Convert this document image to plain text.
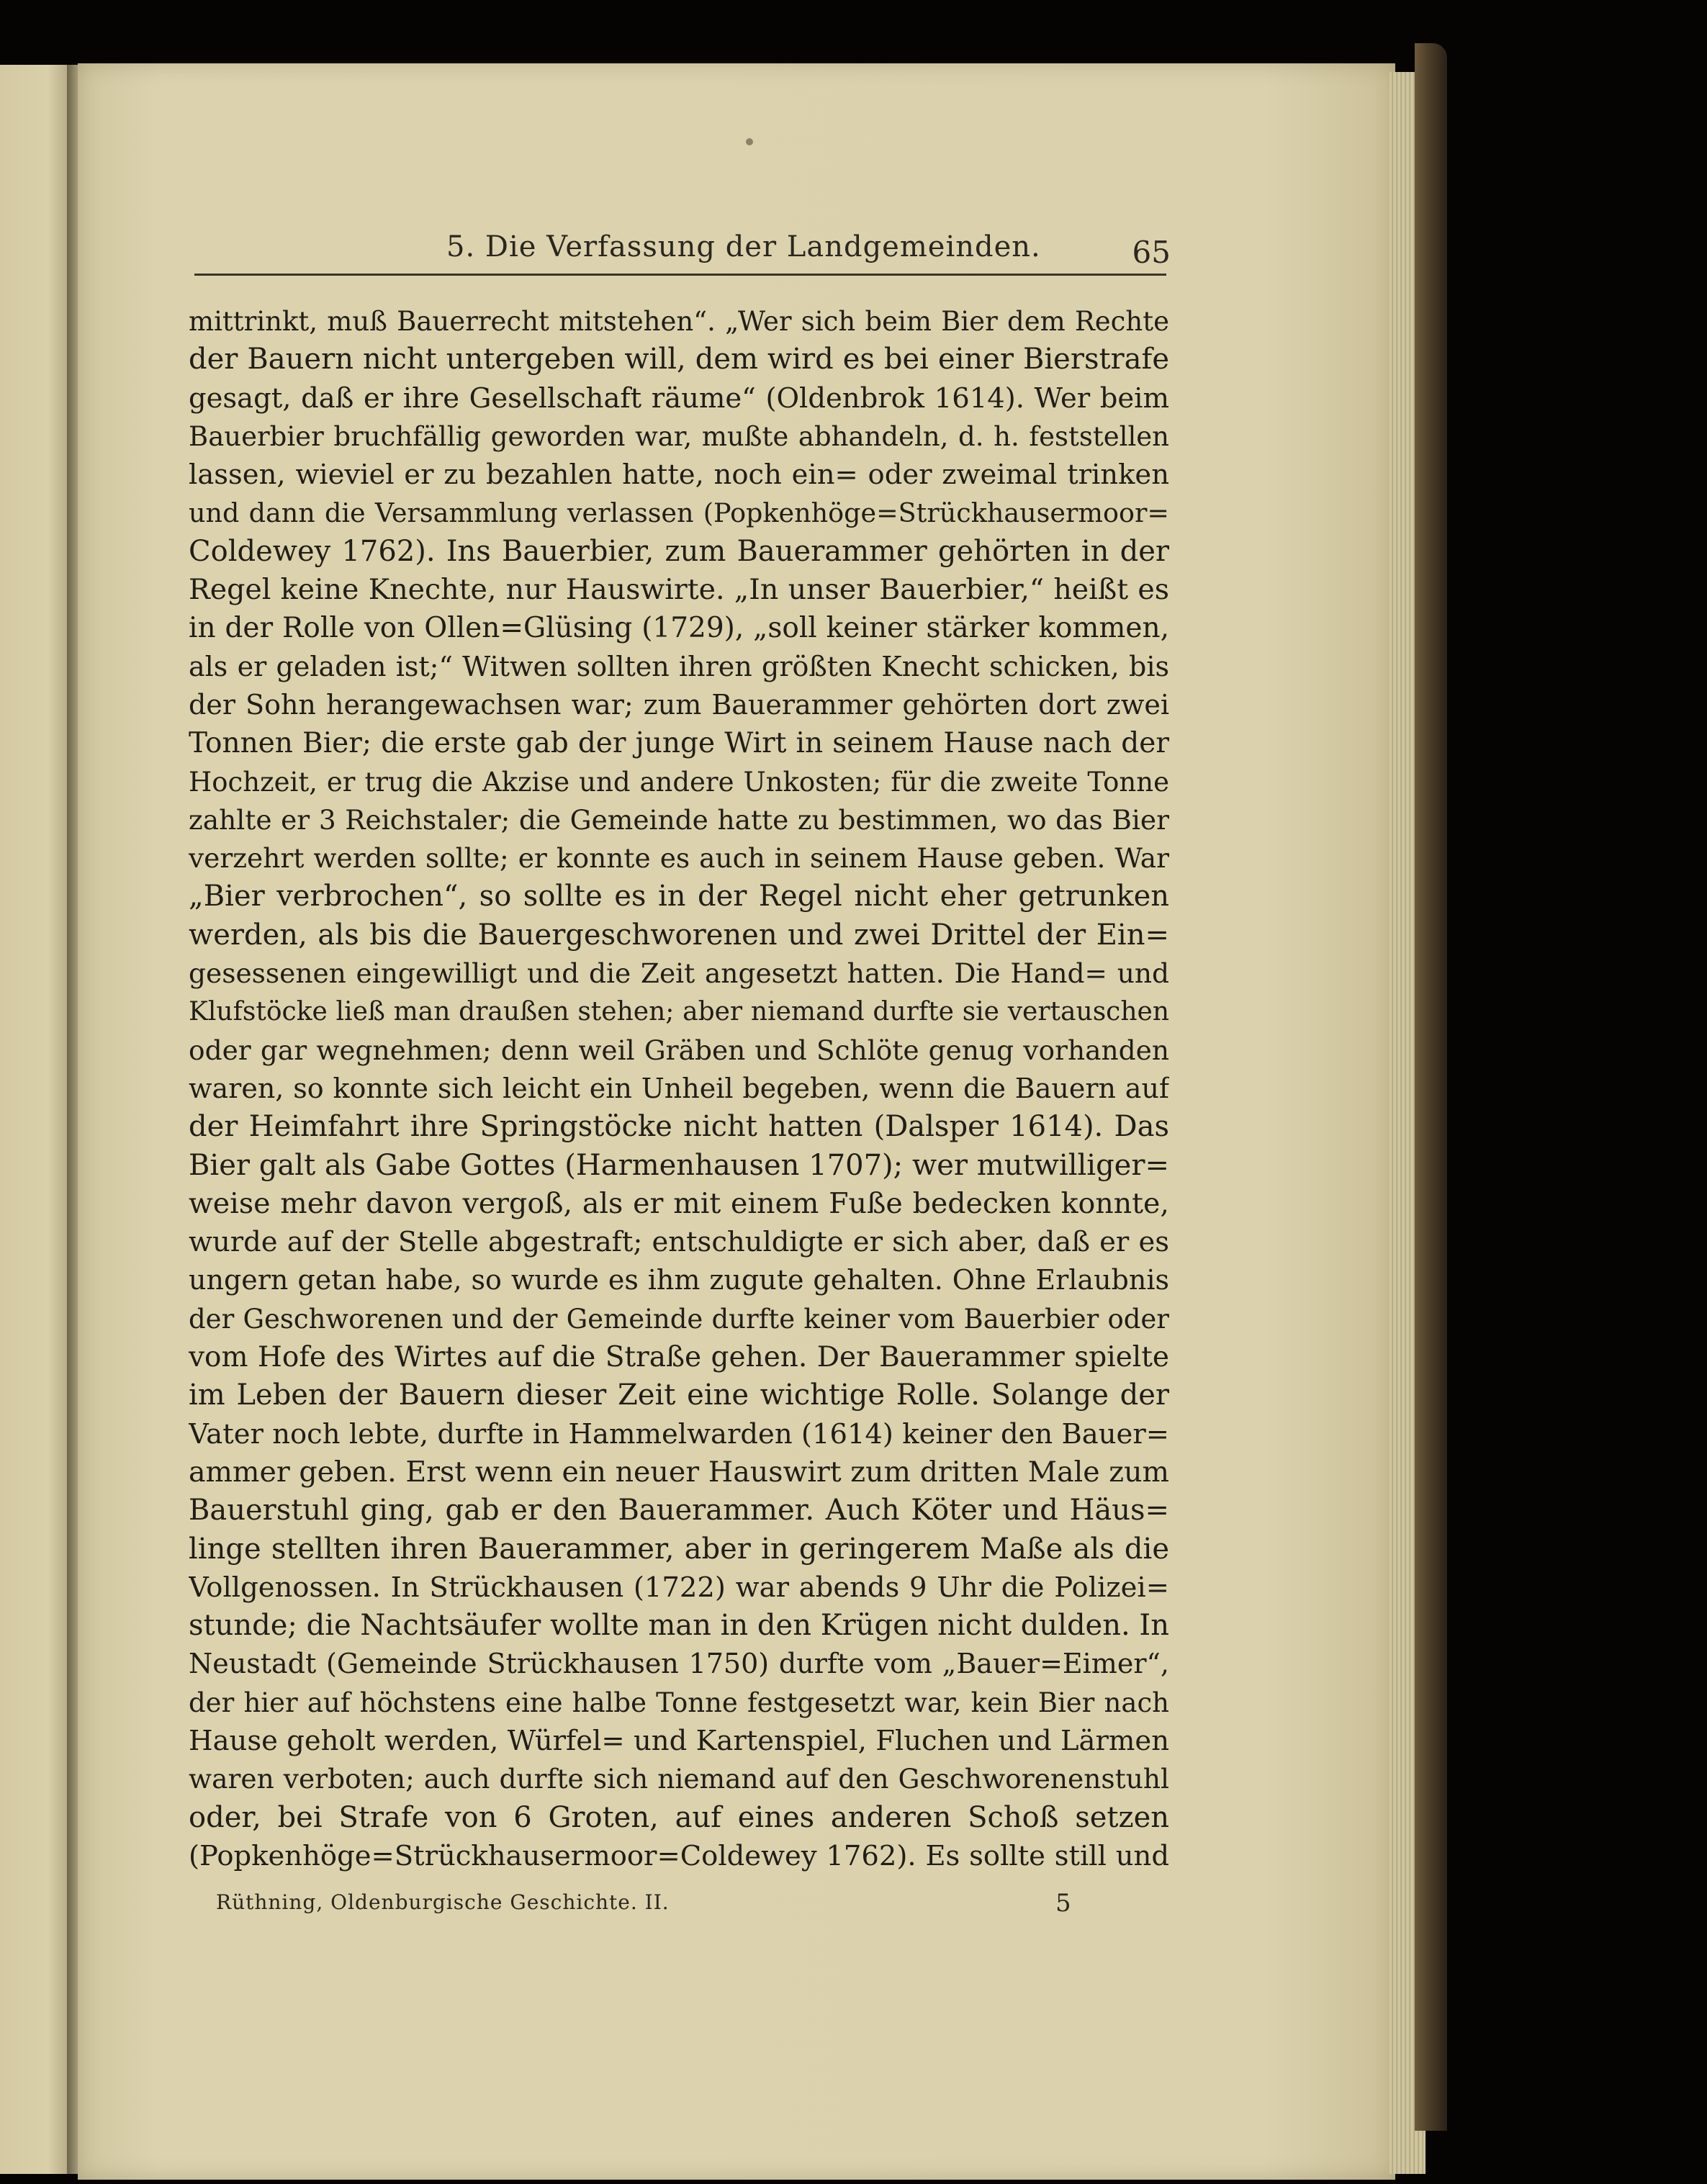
5. Die Verfassung der Landgemeinden.	65
mittrinkt, muß Bauerrecht mitstehen“. „Wer sich beim Bier dem Rechte
der Bauern nicht untergeben will, dem wird es bei einer Bierstrafe
gesagt, daß er ihre Gesellschaft räume“ (Oldenbrok 1614). Wer beim
Bauerbier bruchfällig geworden war, mußte abhandeln, d. h. feststellen
lassen, wieviel er zu bezahlen hatte, noch ein= oder zweimal trinken
und dann die Versammlung verlassen (Popkenhöge=Strückhausermoor=
Coldewey 1762). Ins Bauerbier, zum Bauerammer gehörten in der
Regel keine Knechte, nur Hauswirte. „In unser Bauerbier,“ heißt es
in der Rolle von Ollen=Glüsing (1729), „soll keiner stärker kommen,
als er geladen ist;“ Witwen sollten ihren größten Knecht schicken, bis
der Sohn herangewachsen war; zum Bauerammer gehörten dort zwei
Tonnen Bier; die erste gab der junge Wirt in seinem Hause nach der
Hochzeit, er trug die Akzise und andere Unkosten; für die zweite Tonne
zahlte er 3 Reichstaler; die Gemeinde hatte zu bestimmen, wo das Bier
verzehrt werden sollte; er konnte es auch in seinem Hause geben. War
„Bier verbrochen“, so sollte es in der Regel nicht eher getrunken
werden, als bis die Bauergeschworenen und zwei Drittel der Ein=
gesessenen eingewilligt und die Zeit angesetzt hatten. Die Hand= und
Klufstöcke ließ man draußen stehen; aber niemand durfte sie vertauschen
oder gar wegnehmen; denn weil Gräben und Schlöte genug vorhanden
waren, so konnte sich leicht ein Unheil begeben, wenn die Bauern auf
der Heimfahrt ihre Springstöcke nicht hatten (Dalsper 1614). Das
Bier galt als Gabe Gottes (Harmenhausen 1707); wer mutwilliger=
weise mehr davon vergoß, als er mit einem Fuße bedecken konnte,
wurde auf der Stelle abgestraft; entschuldigte er sich aber, daß er es
ungern getan habe, so wurde es ihm zugute gehalten. Ohne Erlaubnis
der Geschworenen und der Gemeinde durfte keiner vom Bauerbier oder
vom Hofe des Wirtes auf die Straße gehen. Der Bauerammer spielte
im Leben der Bauern dieser Zeit eine wichtige Rolle. Solange der
Vater noch lebte, durfte in Hammelwarden (1614) keiner den Bauer=
ammer geben. Erst wenn ein neuer Hauswirt zum dritten Male zum
Bauerstuhl ging, gab er den Bauerammer. Auch Köter und Häus=
linge stellten ihren Bauerammer, aber in geringerem Maße als die
Vollgenossen. In Strückhausen (1722) war abends 9 Uhr die Polizei=
stunde; die Nachtsäufer wollte man in den Krügen nicht dulden. In
Neustadt (Gemeinde Strückhausen 1750) durfte vom „Bauer=Eimer“,
der hier auf höchstens eine halbe Tonne festgesetzt war, kein Bier nach
Hause geholt werden, Würfel= und Kartenspiel, Fluchen und Lärmen
waren verboten; auch durfte sich niemand auf den Geschworenenstuhl
oder, bei Strafe von 6 Groten, auf eines anderen Schoß setzen
(Popkenhöge=Strückhausermoor=Coldewey 1762). Es sollte still und
Rüthning, Oldenburgische Geschichte. II.	5
